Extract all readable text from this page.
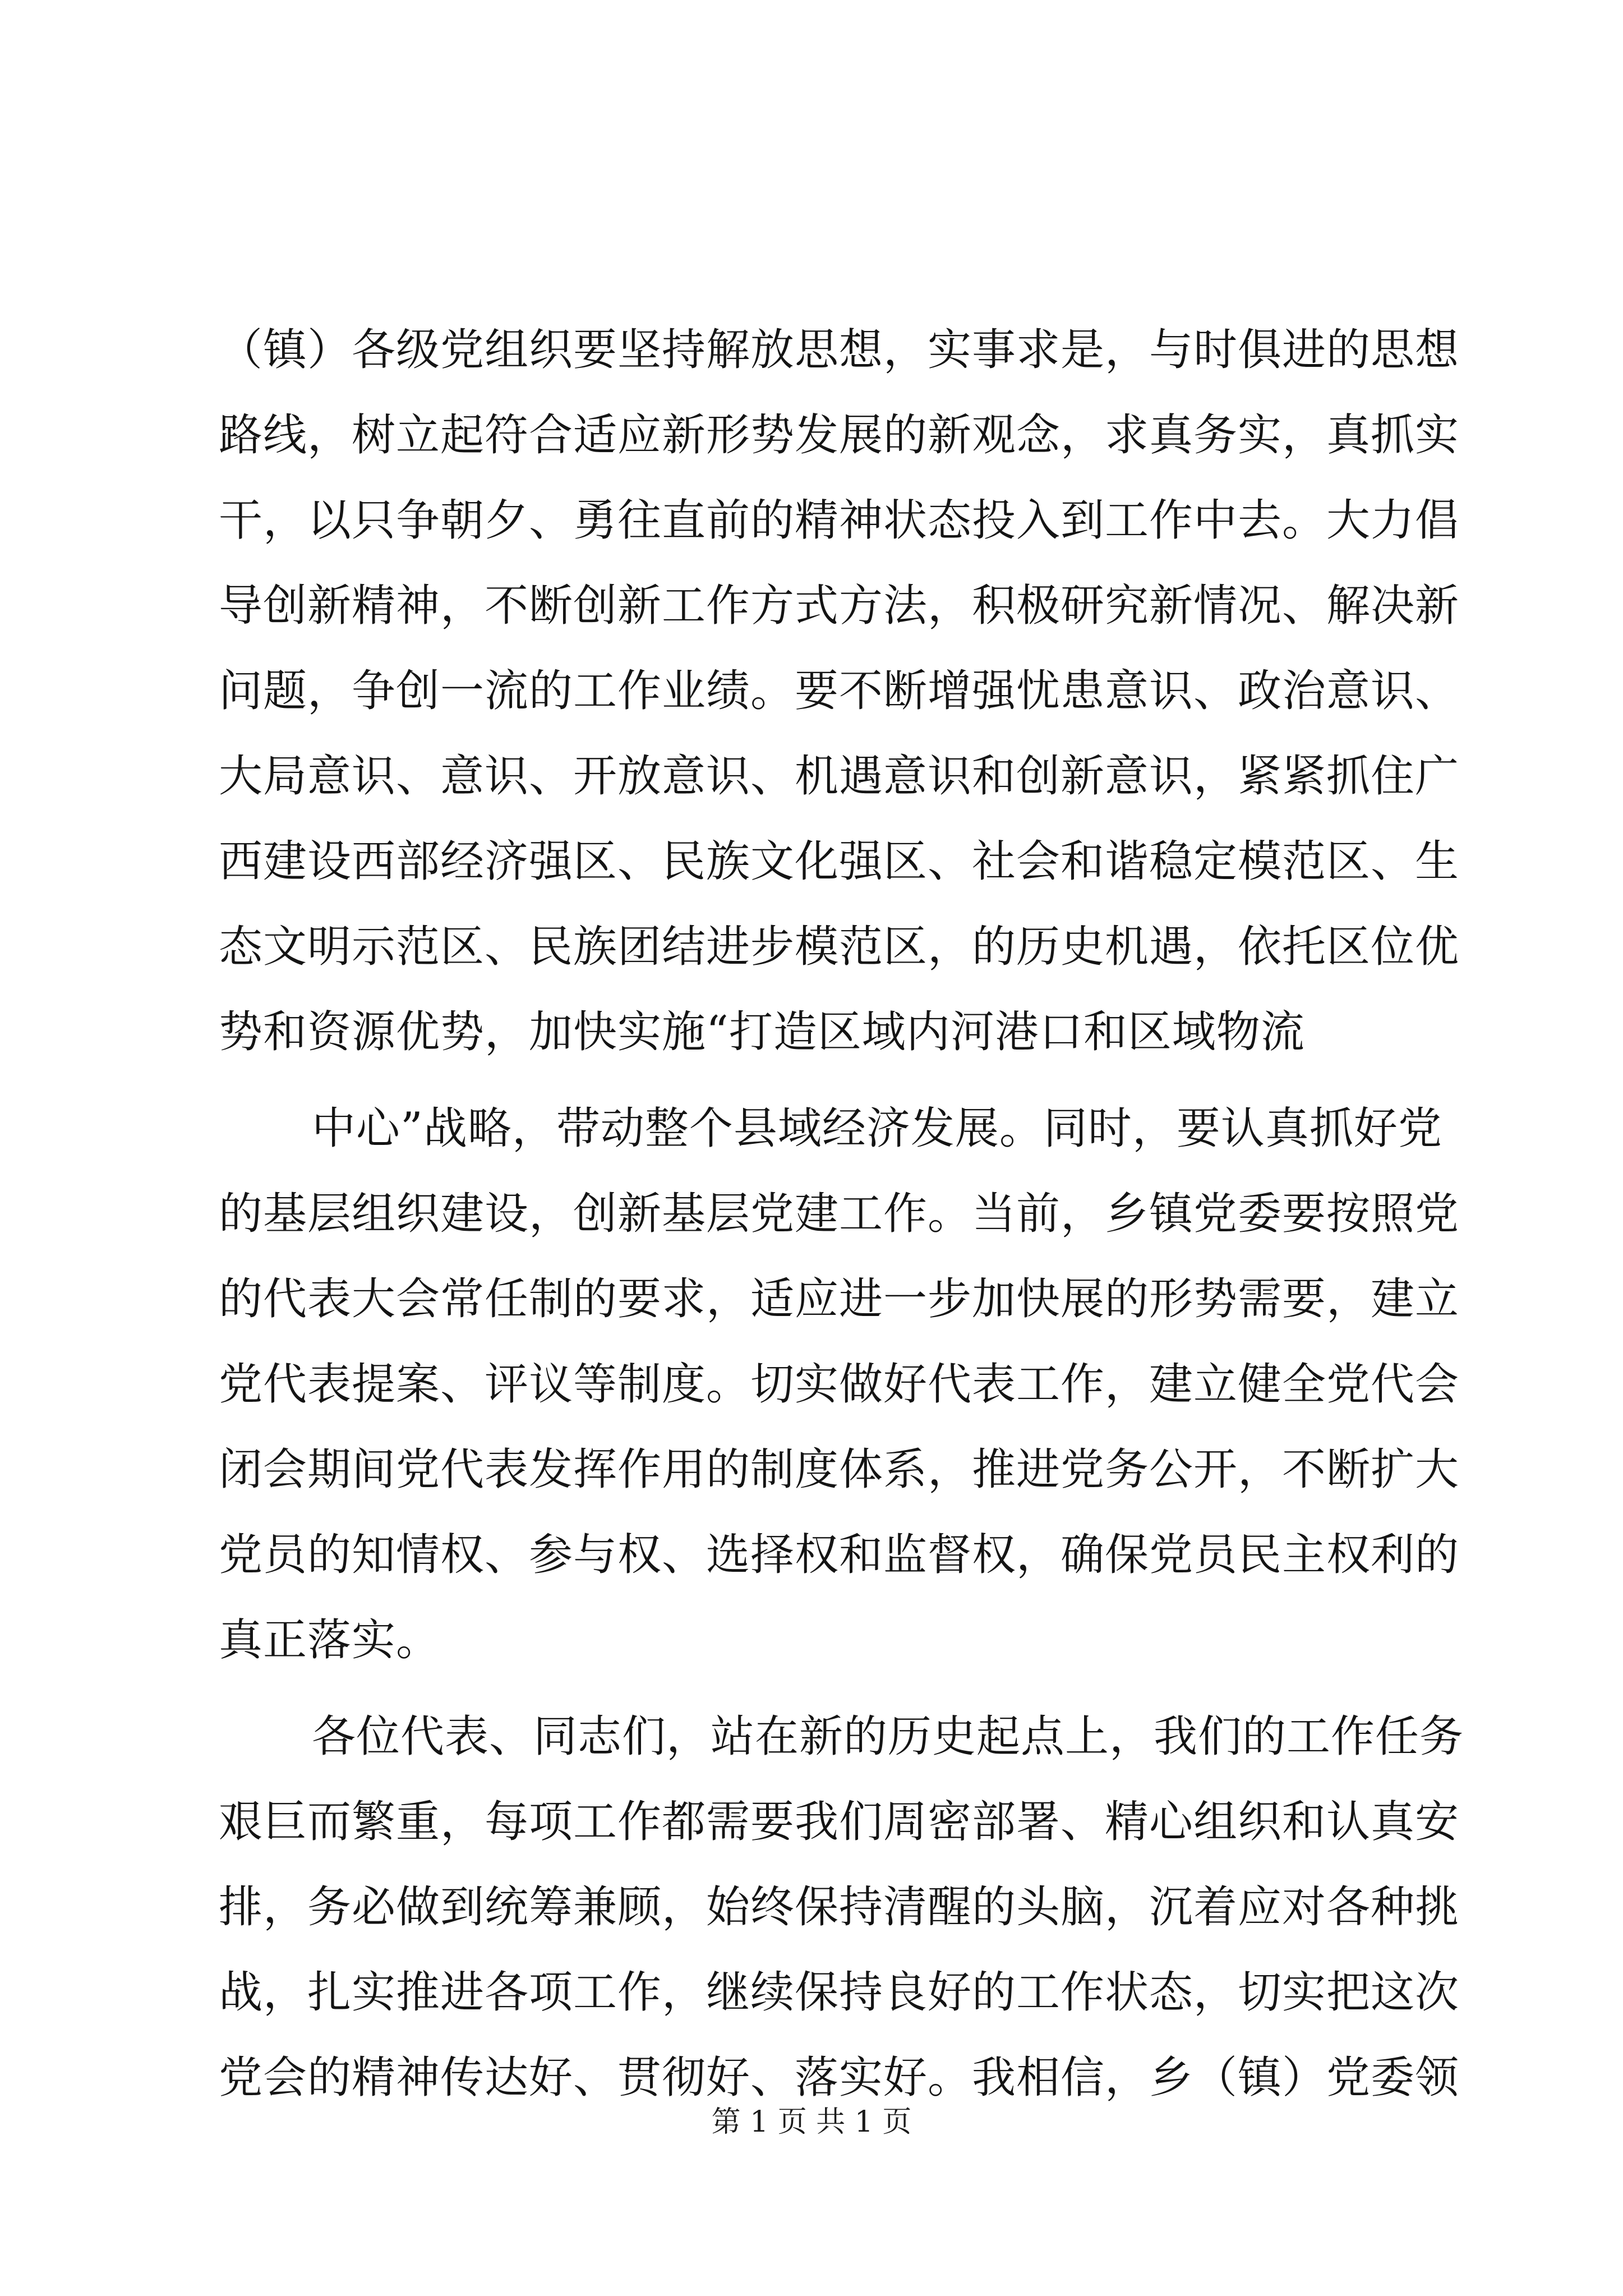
（镇）各级党组织要坚持解放思想，实事求是，与时俱进的思想
路线，树立起符合适应新形势发展的新观念，求真务实，真抓实
干，以只争朝夕、勇往直前的精神状态投入到工作中去。大力倡
导创新精神，不断创新工作方式方法，积极研究新情况、解决新
问题，争创一流的工作业绩。要不断增强忧患意识、政治意识、
大局意识、意识、开放意识、机遇意识和创新意识，紧紧抓住广
西建设西部经济强区、民族文化强区、社会和谐稳定模范区、生
态文明示范区、民族团结进步模范区，的历史机遇，依托区位优
势和资源优势，加快实施“打造区域内河港口和区域物流
中心”战略，带动整个县域经济发展。同时，要认真抓好党
的基层组织建设，创新基层党建工作。当前，乡镇党委要按照党
的代表大会常任制的要求，适应进一步加快展的形势需要，建立
党代表提案、评议等制度。切实做好代表工作，建立健全党代会
闭会期间党代表发挥作用的制度体系，推进党务公开，不断扩大
党员的知情权、参与权、选择权和监督权，确保党员民主权利的
真正落实。
各位代表、同志们，站在新的历史起点上，我们的工作任务
艰巨而繁重，每项工作都需要我们周密部署、精心组织和认真安
排，务必做到统筹兼顾，始终保持清醒的头脑，沉着应对各种挑
战，扎实推进各项工作，继续保持良好的工作状态，切实把这次
党会的精神传达好、贯彻好、落实好。我相信，乡（镇）党委领
第 1 页 共 1 页
